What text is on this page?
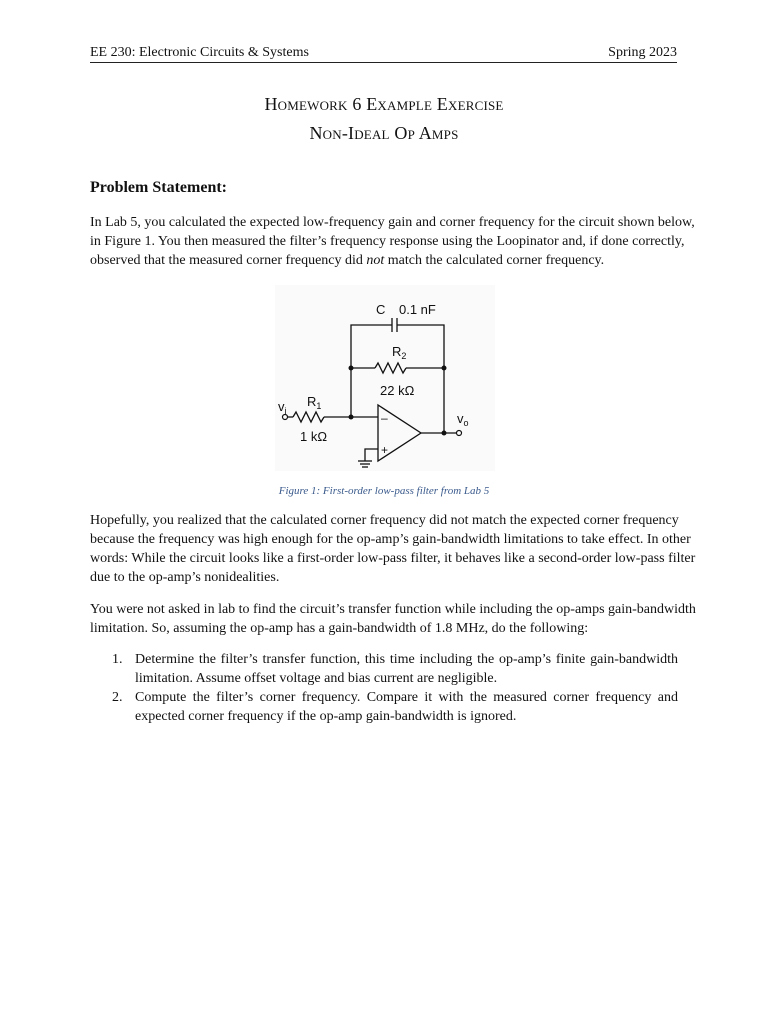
EE 230: Electronic Circuits & Systems	Spring 2023
Homework 6 Example Exercise
Non-Ideal Op Amps
Problem Statement:
In Lab 5, you calculated the expected low-frequency gain and corner frequency for the circuit shown below,
in Figure 1. You then measured the filter’s frequency response using the Loopinator and, if done correctly,
observed that the measured corner frequency did not match the calculated corner frequency.
C 0.1 nF
$R_2$
22 kΩ
$R_1$
1 kΩ
$v_i$	$v_o$
–
+
Figure 1: First-order low-pass filter from Lab 5
Hopefully, you realized that the calculated corner frequency did not match the expected corner frequency
because the frequency was high enough for the op-amp’s gain-bandwidth limitations to take effect. In other
words: While the circuit looks like a first-order low-pass filter, it behaves like a second-order low-pass filter
due to the op-amp’s nonidealities.
You were not asked in lab to find the circuit’s transfer function while including the op-amps gain-bandwidth
limitation. So, assuming the op-amp has a gain-bandwidth of 1.8 MHz, do the following:
1. Determine the filter’s transfer function, this time including the op-amp’s finite gain-bandwidth
limitation. Assume offset voltage and bias current are negligible.
2. Compute the filter’s corner frequency. Compare it with the measured corner frequency and
expected corner frequency if the op-amp gain-bandwidth is ignored.
